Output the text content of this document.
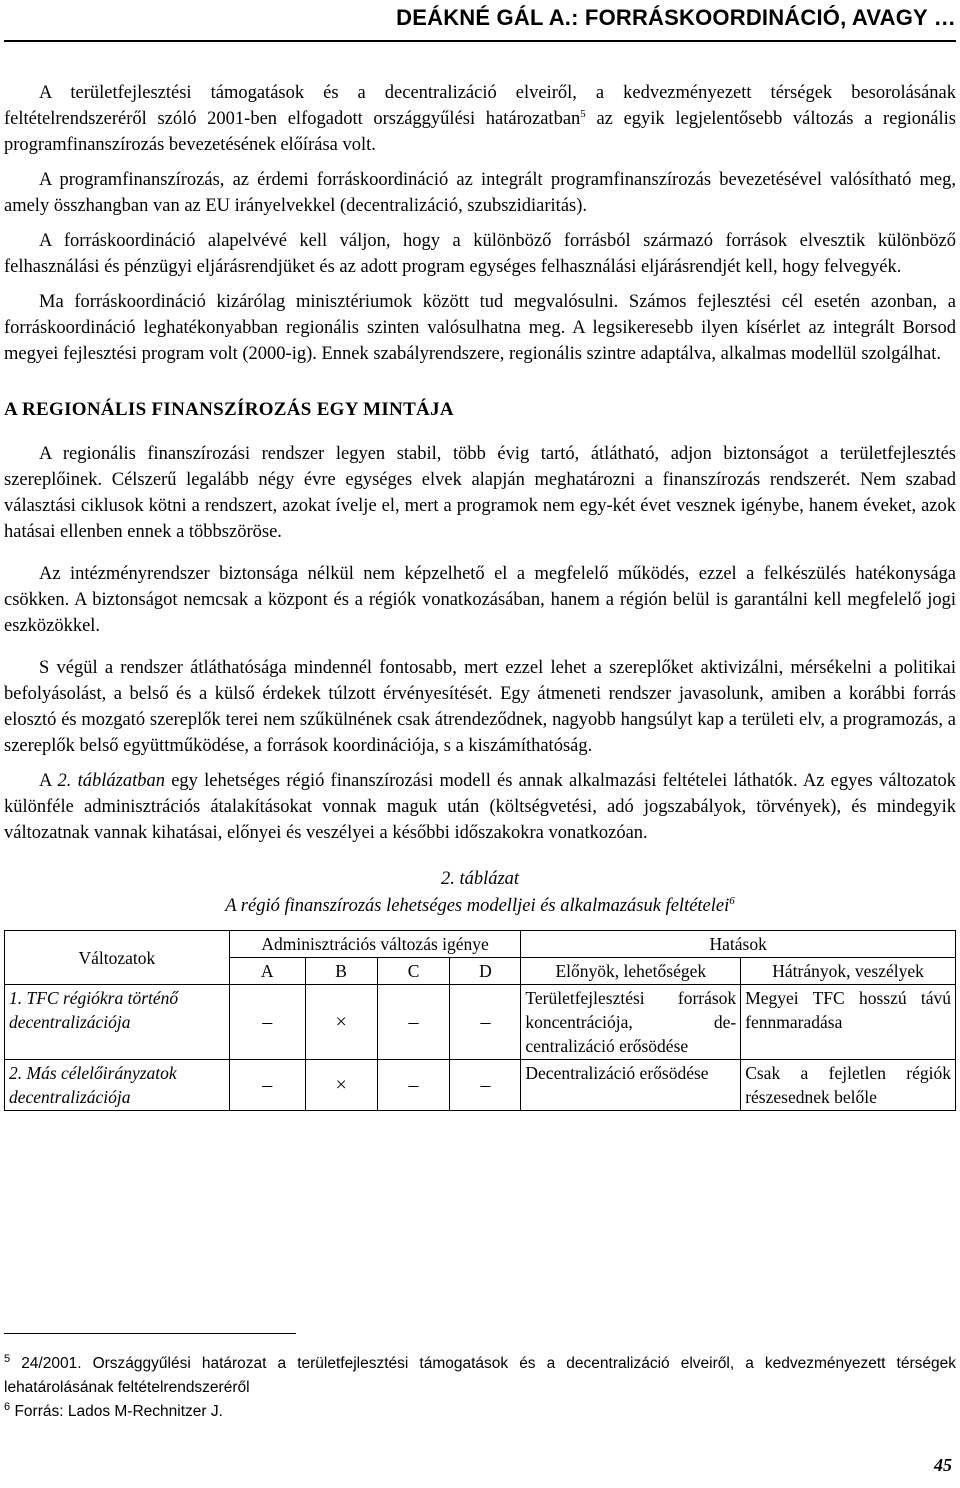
DEÁKNÉ GÁL A.: FORRÁSKOORDINÁCIÓ, AVAGY …

A területfejlesztési támogatások és a decentralizáció elveiről, a kedvezményezett térségek besorolásának feltételrendszeréről szóló 2001-ben elfogadott országgyűlési határozatban$^5$ az egyik legjelentősebb változás a regionális programfinanszírozás bevezetésének előírása volt.

A programfinanszírozás, az érdemi forráskoordináció az integrált programfinanszírozás bevezetésével valósítható meg, amely összhangban van az EU irányelvekkel (decentralizáció, szubszidiaritás).

A forráskoordináció alapelvévé kell váljon, hogy a különböző forrásból származó források elvesztik különböző felhasználási és pénzügyi eljárásrendjüket és az adott program egységes felhasználási eljárásrendjét kell, hogy felvegyék.

Ma forráskoordináció kizárólag minisztériumok között tud megvalósulni. Számos fejlesztési cél esetén azonban, a forráskoordináció leghatékonyabban regionális szinten valósulhatna meg. A legsikeresebb ilyen kísérlet az integrált Borsod megyei fejlesztési program volt (2000-ig). Ennek szabályrendszere, regionális szintre adaptálva, alkalmas modellül szolgálhat.

A REGIONÁLIS FINANSZÍROZÁS EGY MINTÁJA

A regionális finanszírozási rendszer legyen stabil, több évig tartó, átlátható, adjon biztonságot a területfejlesztés szereplőinek. Célszerű legalább négy évre egységes elvek alapján meghatározni a finanszírozás rendszerét. Nem szabad választási ciklusok kötni a rendszert, azokat ívelje el, mert a programok nem egy-két évet vesznek igénybe, hanem éveket, azok hatásai ellenben ennek a többszöröse.

Az intézményrendszer biztonsága nélkül nem képzelhető el a megfelelő működés, ezzel a felkészülés hatékonysága csökken. A biztonságot nemcsak a központ és a régiók vonatkozásában, hanem a régión belül is garantálni kell megfelelő jogi eszközökkel.

S végül a rendszer átláthatósága mindennél fontosabb, mert ezzel lehet a szereplőket aktivizálni, mérsékelni a politikai befolyásolást, a belső és a külső érdekek túlzott érvényesítését. Egy átmeneti rendszer javasolunk, amiben a korábbi forrás elosztó és mozgató szereplők terei nem szűkülnének csak átrendeződnek, nagyobb hangsúlyt kap a területi elv, a programozás, a szereplők belső együttműködése, a források koordinációja, s a kiszámíthatóság.

A 2. táblázatban egy lehetséges régió finanszírozási modell és annak alkalmazási feltételei láthatók. Az egyes változatok különféle adminisztrációs átalakításokat vonnak maguk után (költségvetési, adó jogszabályok, törvények), és mindegyik változatnak vannak kihatásai, előnyei és veszélyei a későbbi időszakokra vonatkozóan.

2. táblázat
A régió finanszírozás lehetséges modelljei és alkalmazásuk feltételei$^6$
Változatok	Adminisztrációs változás igénye				Hatások	
	A	B	C	D	Előnyök, lehetőségek	Hátrányok, veszélyek
1. TFC régiókra történő decentralizációja	–	×	–	–	Területfejlesztési források koncentrációja, decentralizáció erősödése	Megyei TFC hosszú távú fennmaradása
2. Más célelőirányzatok decentralizációja	–	×	–	–	Decentralizáció erősödése	Csak a fejletlen régiók részesednek belőle

$^5$ 24/2001. Országgyűlési határozat a területfejlesztési támogatások és a decentralizáció elveiről, a kedvezményezett térségek lehatárolásának feltételrendszeréről

$^6$ Forrás: Lados M-Rechnitzer J.

45
